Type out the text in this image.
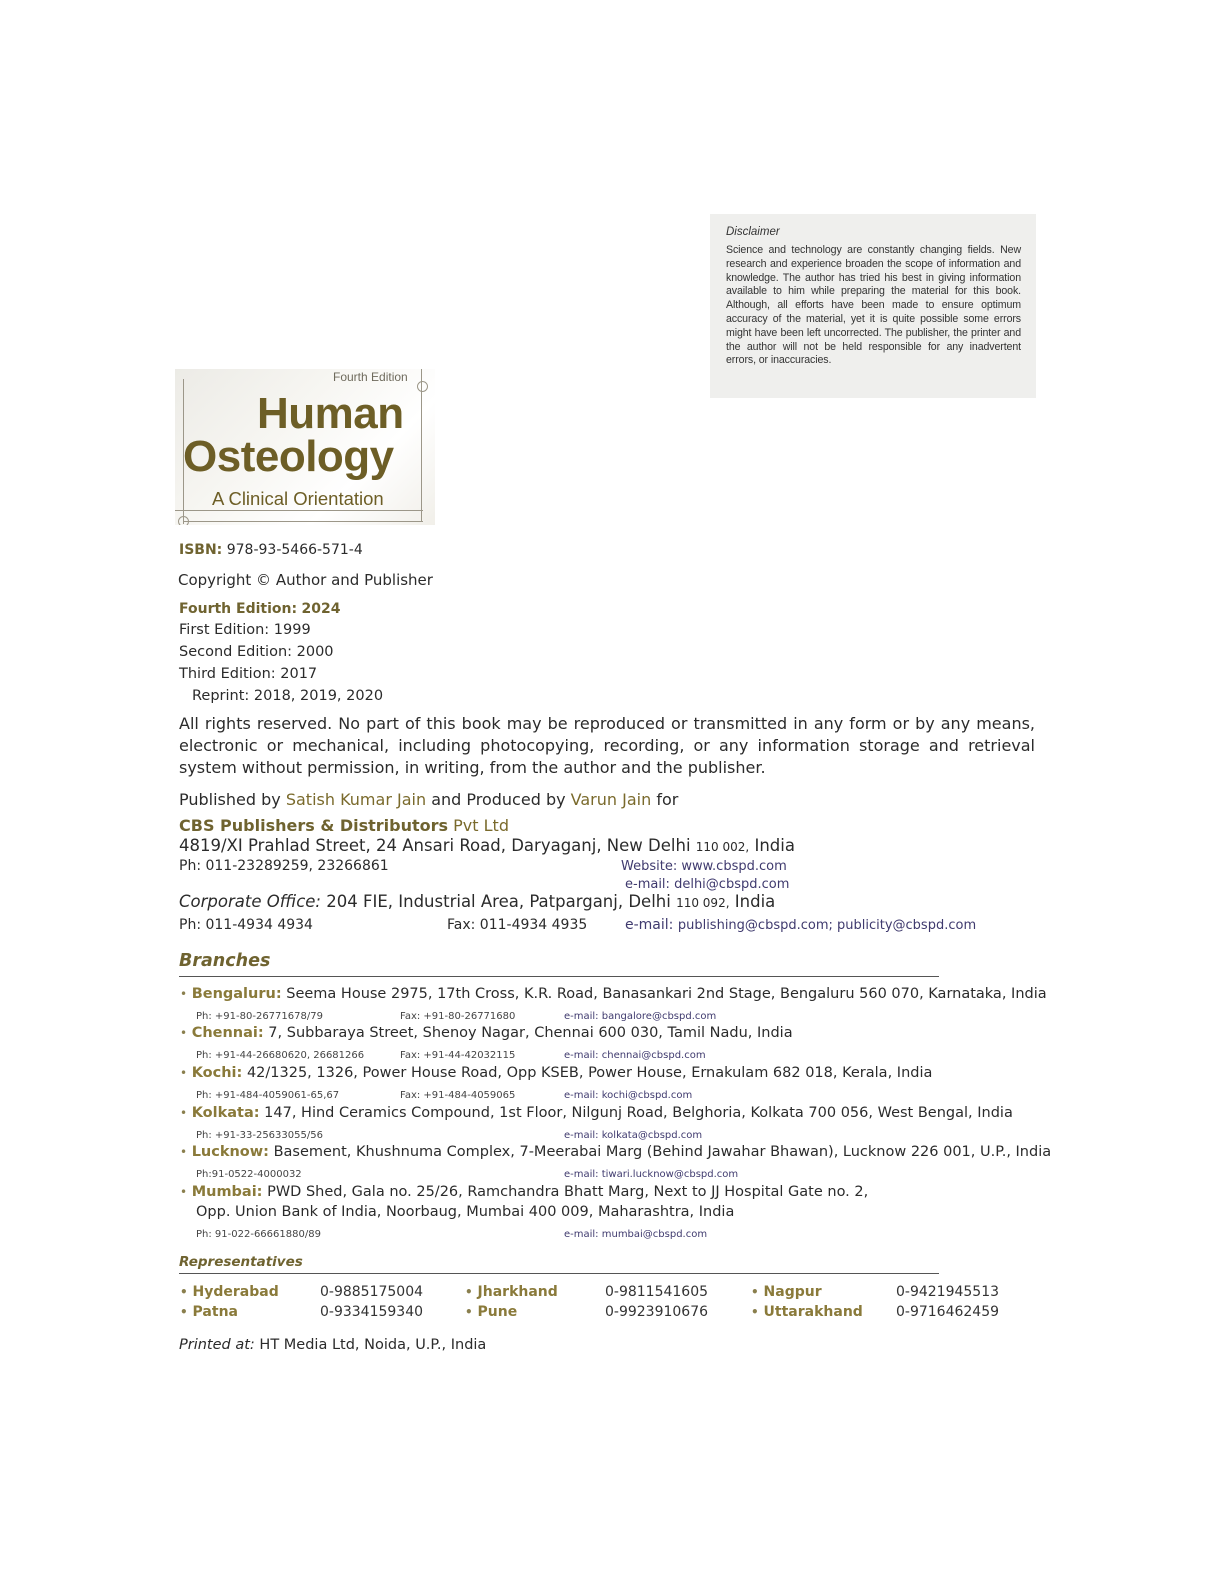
Disclaimer
Science and technology are constantly changing fields. New research and experience broaden the scope of information and knowledge. The author has tried his best in giving information available to him while preparing the material for this book. Although, all efforts have been made to ensure optimum accuracy of the material, yet it is quite possible some errors might have been left uncorrected. The publisher, the printer and the author will not be held responsible for any inadvertent errors, or inaccuracies.
Fourth Edition
Human
Osteology
A Clinical Orientation
ISBN: 978-93-5466-571-4
Copyright © Author and Publisher
Fourth Edition: 2024
First Edition: 1999
Second Edition: 2000
Third Edition: 2017
Reprint: 2018, 2019, 2020
All rights reserved. No part of this book may be reproduced or transmitted in any form or by any means, electronic or mechanical, including photocopying, recording, or any information storage and retrieval system without permission, in writing, from the author and the publisher.
Published by Satish Kumar Jain and Produced by Varun Jain for
CBS Publishers & Distributors Pvt Ltd
4819/XI Prahlad Street, 24 Ansari Road, Daryaganj, New Delhi 110 002, India
Ph: 011-23289259, 23266861	Website: www.cbspd.com
e-mail: delhi@cbspd.com
Corporate Office: 204 FIE, Industrial Area, Patparganj, Delhi 110 092, India
Ph: 011-4934 4934	Fax: 011-4934 4935	e-mail: publishing@cbspd.com; publicity@cbspd.com
Branches
• Bengaluru: Seema House 2975, 17th Cross, K.R. Road, Banasankari 2nd Stage, Bengaluru 560 070, Karnataka, India
Ph: +91-80-26771678/79	Fax: +91-80-26771680	e-mail: bangalore@cbspd.com
• Chennai: 7, Subbaraya Street, Shenoy Nagar, Chennai 600 030, Tamil Nadu, India
Ph: +91-44-26680620, 26681266	Fax: +91-44-42032115	e-mail: chennai@cbspd.com
• Kochi: 42/1325, 1326, Power House Road, Opp KSEB, Power House, Ernakulam 682 018, Kerala, India
Ph: +91-484-4059061-65,67	Fax: +91-484-4059065	e-mail: kochi@cbspd.com
• Kolkata: 147, Hind Ceramics Compound, 1st Floor, Nilgunj Road, Belghoria, Kolkata 700 056, West Bengal, India
Ph: +91-33-25633055/56	e-mail: kolkata@cbspd.com
• Lucknow: Basement, Khushnuma Complex, 7-Meerabai Marg (Behind Jawahar Bhawan), Lucknow 226 001, U.P., India
Ph:91-0522-4000032	e-mail: tiwari.lucknow@cbspd.com
• Mumbai: PWD Shed, Gala no. 25/26, Ramchandra Bhatt Marg, Next to JJ Hospital Gate no. 2,
Opp. Union Bank of India, Noorbaug, Mumbai 400 009, Maharashtra, India
Ph: 91-022-66661880/89	e-mail: mumbai@cbspd.com
Representatives
• Hyderabad	0-9885175004	• Jharkhand	0-9811541605	• Nagpur	0-9421945513
• Patna	0-9334159340	• Pune	0-9923910676	• Uttarakhand 0-9716462459
Printed at: HT Media Ltd, Noida, U.P., India
